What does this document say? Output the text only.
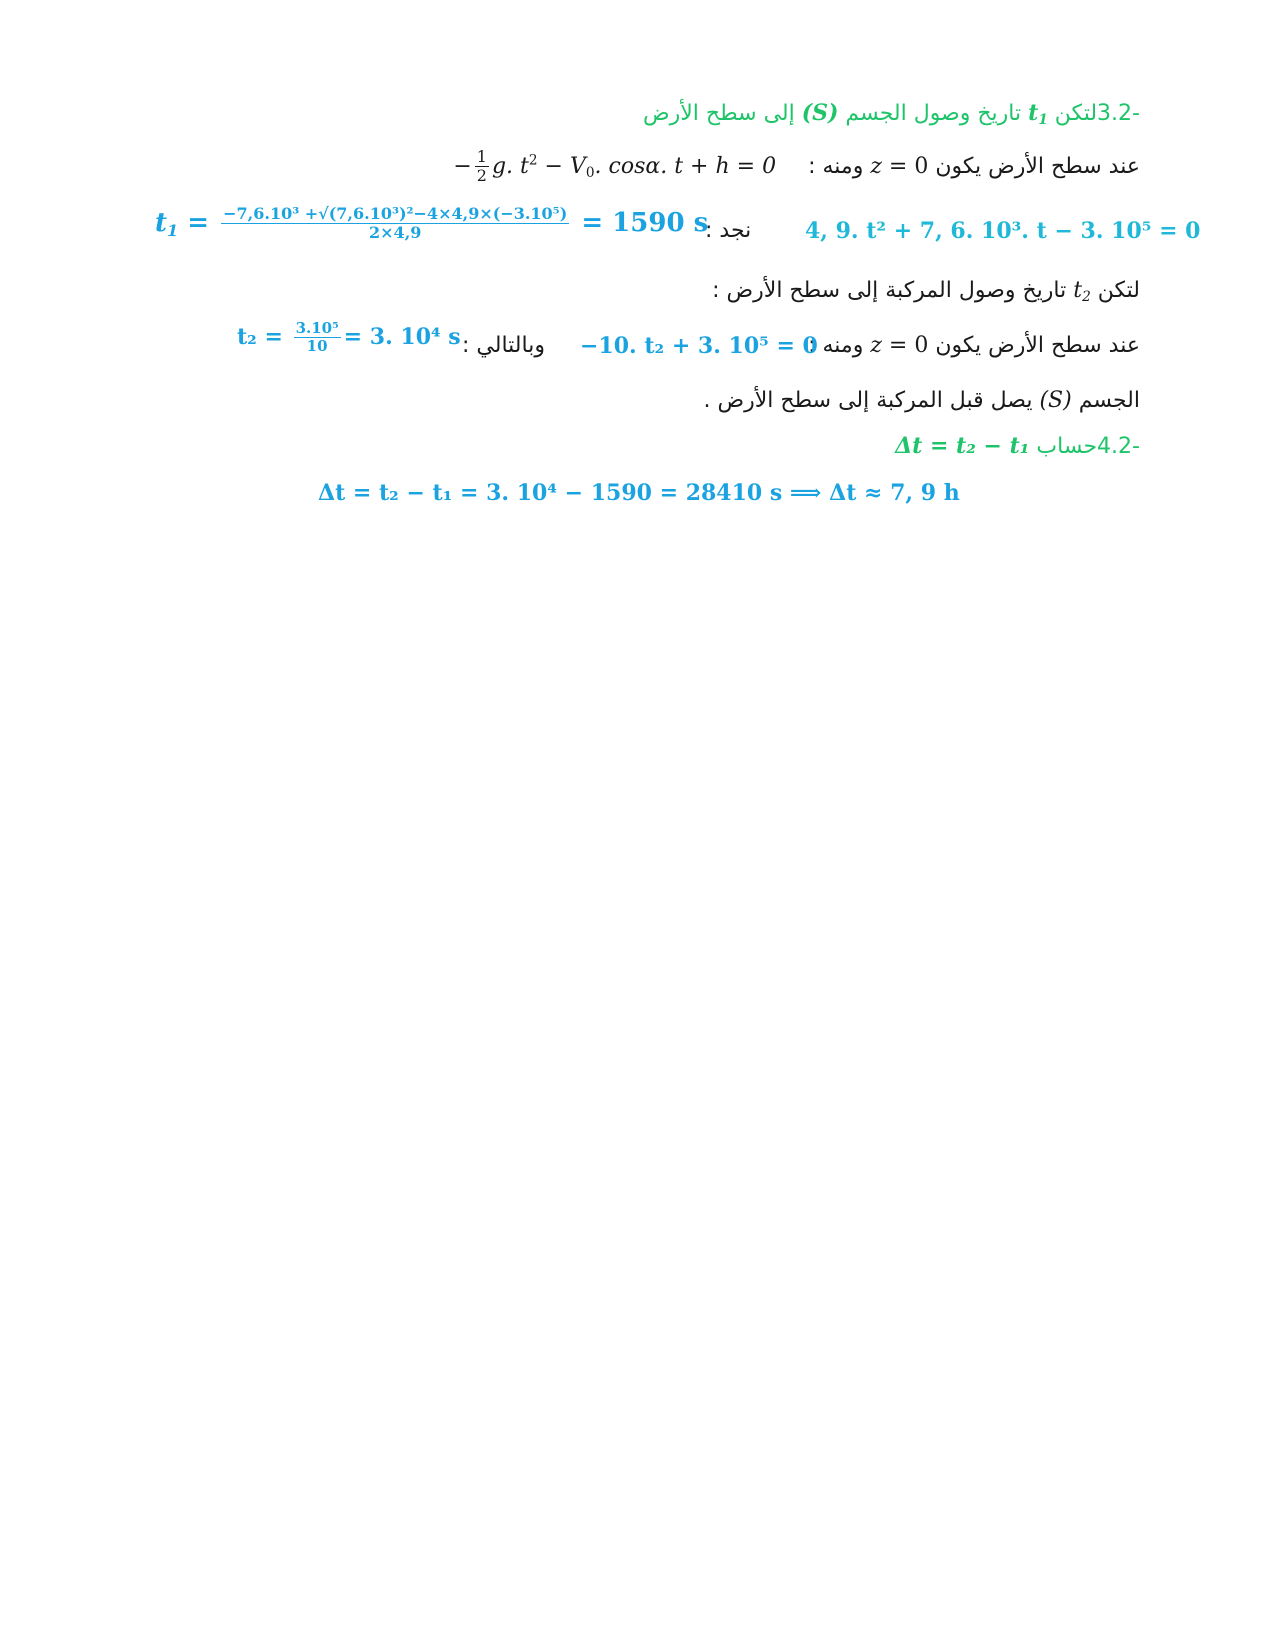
-3.2لتكن $t_1$ تاريخ وصول الجسم (S) إلى سطح الأرض
عند سطح الأرض يكون z = 0 ومنه :  − $\frac{1}{2} g$. $t^2 - V_0$. cosα. t + h = 0
$t_1 = \frac{\text{−7,6.10³ +√(7,6.10³)²−4×4,9×(−3.10⁵)}}{2\times 4,9} = 1590$ s
نجد : 4, 9. t² + 7, 6. 10³. t − 3. 10⁵ = 0
لتكن $t_2$ تاريخ وصول المركبة إلى سطح الأرض :
عند سطح الأرض يكون z = 0 ومنه :
−10. t₂ + 3. 10⁵ = 0
وبالتالي :
$t_2 = \frac{\text{3.10⁵}}{10} = 3$. 10⁴ s
الجسم (S) يصل قبل المركبة إلى سطح الأرض .
-4.2حساب Δt = t₂ − t₁
Δt = t₂ − t₁ = 3. 10⁴ − 1590 = 28410 s ⟹ Δt ≈ 7, 9 h
